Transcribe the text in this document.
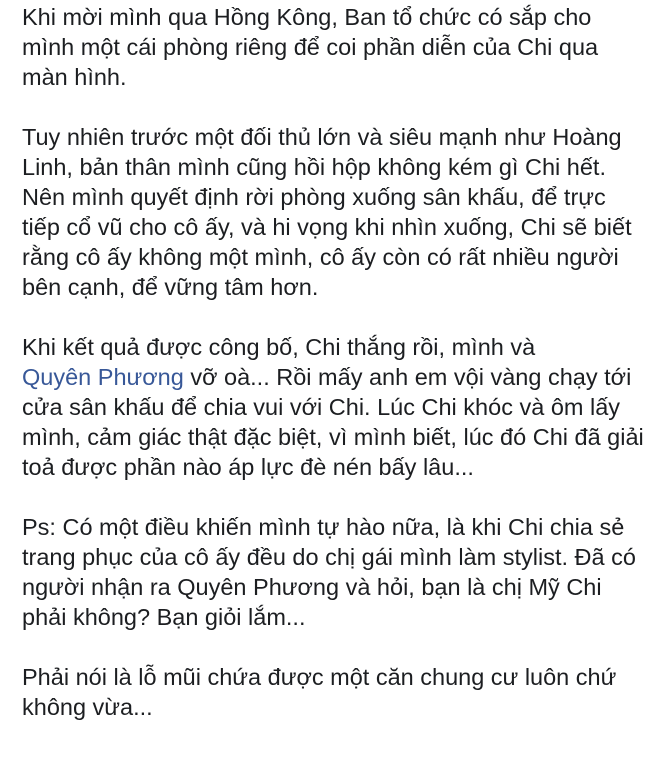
Khi mời mình qua Hồng Kông, Ban tổ chức có sắp cho mình một cái phòng riêng để coi phần diễn của Chi qua màn hình.

Tuy nhiên trước một đối thủ lớn và siêu mạnh như Hoàng Linh, bản thân mình cũng hồi hộp không kém gì Chi hết. Nên mình quyết định rời phòng xuống sân khấu, để trực tiếp cổ vũ cho cô ấy, và hi vọng khi nhìn xuống, Chi sẽ biết rằng cô ấy không một mình, cô ấy còn có rất nhiều người bên cạnh, để vững tâm hơn.

Khi kết quả được công bố, Chi thắng rồi, mình và
Quyên Phương vỡ oà... Rồi mấy anh em vội vàng chạy tới cửa sân khấu để chia vui với Chi. Lúc Chi khóc và ôm lấy mình, cảm giác thật đặc biệt, vì mình biết, lúc đó Chi đã giải toả được phần nào áp lực đè nén bấy lâu...

Ps: Có một điều khiến mình tự hào nữa, là khi Chi chia sẻ trang phục của cô ấy đều do chị gái mình làm stylist. Đã có người nhận ra Quyên Phương và hỏi, bạn là chị Mỹ Chi phải không? Bạn giỏi lắm...

Phải nói là lỗ mũi chứa được một căn chung cư luôn chứ không vừa...
